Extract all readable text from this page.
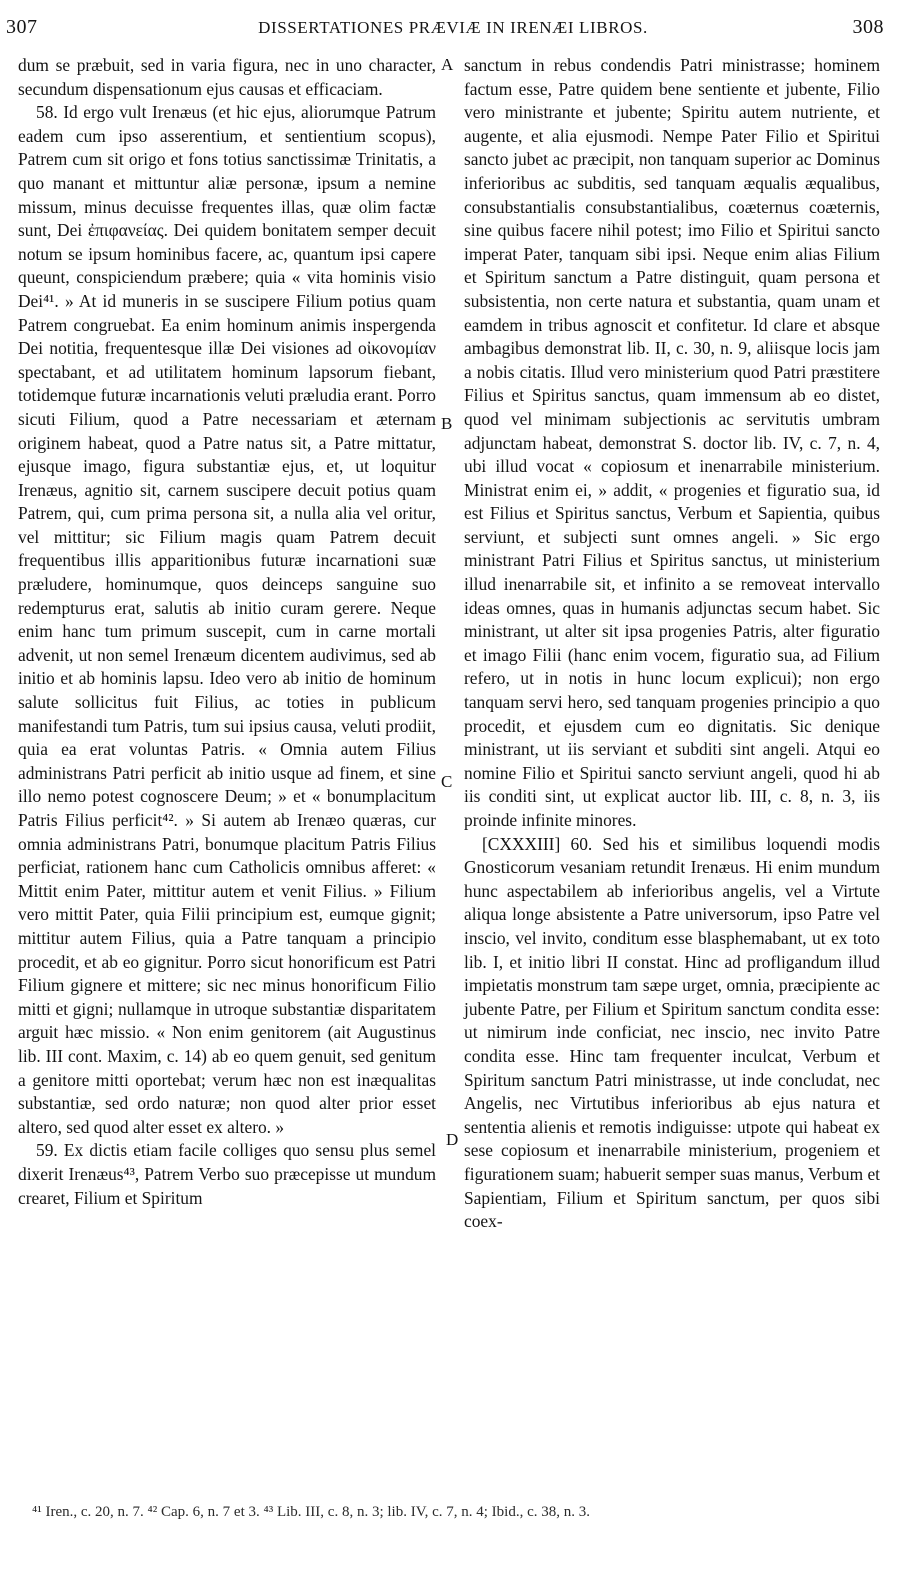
307	DISSERTATIONES PRÆVIÆ IN IRENÆI LIBROS.	308

dum se præbuit, sed in varia figura, nec in uno character, secundum dispensationum ejus causas et efficaciam.

58. Id ergo vult Irenæus (et hic ejus, aliorumque Patrum eadem cum ipso asserentium, et sentientium scopus), Patrem cum sit origo et fons totius sanctissimæ Trinitatis, a quo manant et mittuntur aliæ personæ, ipsum a nemine missum, minus decuisse frequentes illas, quæ olim factæ sunt, Dei ἐπιφανείας. Dei quidem bonitatem semper decuit notum se ipsum hominibus facere, ac, quantum ipsi capere queunt, conspiciendum præbere; quia « vita hominis visio Dei⁴¹. » At id muneris in se suscipere Filium potius quam Patrem congruebat. Ea enim hominum animis inspergenda Dei notitia, frequentesque illæ Dei visiones ad οἰκονομίαν spectabant, et ad utilitatem hominum lapsorum fiebant, totidemque futuræ incarnationis veluti præludia erant. Porro sicuti Filium, quod a Patre necessariam et æternam originem habeat, quod a Patre natus sit, a Patre mittatur, ejusque imago, figura substantiæ ejus, et, ut loquitur Irenæus, agnitio sit, carnem suscipere decuit potius quam Patrem, qui, cum prima persona sit, a nulla alia vel oritur, vel mittitur; sic Filium magis quam Patrem decuit frequentibus illis apparitionibus futuræ incarnationi suæ præludere, hominumque, quos deinceps sanguine suo redempturus erat, salutis ab initio curam gerere. Neque enim hanc tum primum suscepit, cum in carne mortali advenit, ut non semel Irenæum dicentem audivimus, sed ab initio et ab hominis lapsu. Ideo vero ab initio de hominum salute sollicitus fuit Filius, ac toties in publicum manifestandi tum Patris, tum sui ipsius causa, veluti prodiit, quia ea erat voluntas Patris. « Omnia autem Filius administrans Patri perficit ab initio usque ad finem, et sine illo nemo potest cognoscere Deum; » et « bonumplacitum Patris Filius perficit⁴². » Si autem ab Irenæo quæras, cur omnia administrans Patri, bonumque placitum Patris Filius perficiat, rationem hanc cum Catholicis omnibus afferet: « Mittit enim Pater, mittitur autem et venit Filius. » Filium vero mittit Pater, quia Filii principium est, eumque gignit; mittitur autem Filius, quia a Patre tanquam a principio procedit, et ab eo gignitur. Porro sicut honorificum est Patri Filium gignere et mittere; sic nec minus honorificum Filio mitti et gigni; nullamque in utroque substantiæ disparitatem arguit hæc missio. « Non enim genitorem (ait Augustinus lib. III cont. Maxim, c. 14) ab eo quem genuit, sed genitum a genitore mitti oportebat; verum hæc non est inæqualitas substantiæ, sed ordo naturæ; non quod alter prior esset altero, sed quod alter esset ex altero. »

59. Ex dictis etiam facile colliges quo sensu plus semel dixerit Irenæus⁴³, Patrem Verbo suo præcepisse ut mundum crearet, Filium et Spiritum

A
B
C
D

sanctum in rebus condendis Patri ministrasse; hominem factum esse, Patre quidem bene sentiente et jubente, Filio vero ministrante et jubente; Spiritu autem nutriente, et augente, et alia ejusmodi. Nempe Pater Filio et Spiritui sancto jubet ac præcipit, non tanquam superior ac Dominus inferioribus ac subditis, sed tanquam æqualis æqualibus, consubstantialis consubstantialibus, coæternus coæternis, sine quibus facere nihil potest; imo Filio et Spiritui sancto imperat Pater, tanquam sibi ipsi. Neque enim alias Filium et Spiritum sanctum a Patre distinguit, quam persona et subsistentia, non certe natura et substantia, quam unam et eamdem in tribus agnoscit et confitetur. Id clare et absque ambagibus demonstrat lib. II, c. 30, n. 9, aliisque locis jam a nobis citatis. Illud vero ministerium quod Patri præstitere Filius et Spiritus sanctus, quam immensum ab eo distet, quod vel minimam subjectionis ac servitutis umbram adjunctam habeat, demonstrat S. doctor lib. IV, c. 7, n. 4, ubi illud vocat « copiosum et inenarrabile ministerium. Ministrat enim ei, » addit, « progenies et figuratio sua, id est Filius et Spiritus sanctus, Verbum et Sapientia, quibus serviunt, et subjecti sunt omnes angeli. » Sic ergo ministrant Patri Filius et Spiritus sanctus, ut ministerium illud inenarrabile sit, et infinito a se removeat intervallo ideas omnes, quas in humanis adjunctas secum habet. Sic ministrant, ut alter sit ipsa progenies Patris, alter figuratio et imago Filii (hanc enim vocem, figuratio sua, ad Filium refero, ut in notis in hunc locum explicui); non ergo tanquam servi hero, sed tanquam progenies principio a quo procedit, et ejusdem cum eo dignitatis. Sic denique ministrant, ut iis serviant et subditi sint angeli. Atqui eo nomine Filio et Spiritui sancto serviunt angeli, quod hi ab iis conditi sint, ut explicat auctor lib. III, c. 8, n. 3, iis proinde infinite minores.

[CXXXIII] 60. Sed his et similibus loquendi modis Gnosticorum vesaniam retundit Irenæus. Hi enim mundum hunc aspectabilem ab inferioribus angelis, vel a Virtute aliqua longe absistente a Patre universorum, ipso Patre vel inscio, vel invito, conditum esse blasphemabant, ut ex toto lib. I, et initio libri II constat. Hinc ad profligandum illud impietatis monstrum tam sæpe urget, omnia, præcipiente ac jubente Patre, per Filium et Spiritum sanctum condita esse: ut nimirum inde conficiat, nec inscio, nec invito Patre condita esse. Hinc tam frequenter inculcat, Verbum et Spiritum sanctum Patri ministrasse, ut inde concludat, nec Angelis, nec Virtutibus inferioribus ab ejus natura et sententia alienis et remotis indiguisse: utpote qui habeat ex sese copiosum et inenarrabile ministerium, progeniem et figurationem suam; habuerit semper suas manus, Verbum et Sapientiam, Filium et Spiritum sanctum, per quos sibi coex-

⁴¹ Iren., c. 20, n. 7. ⁴² Cap. 6, n. 7 et 3. ⁴³ Lib. III, c. 8, n. 3; lib. IV, c. 7, n. 4; Ibid., c. 38, n. 3.
